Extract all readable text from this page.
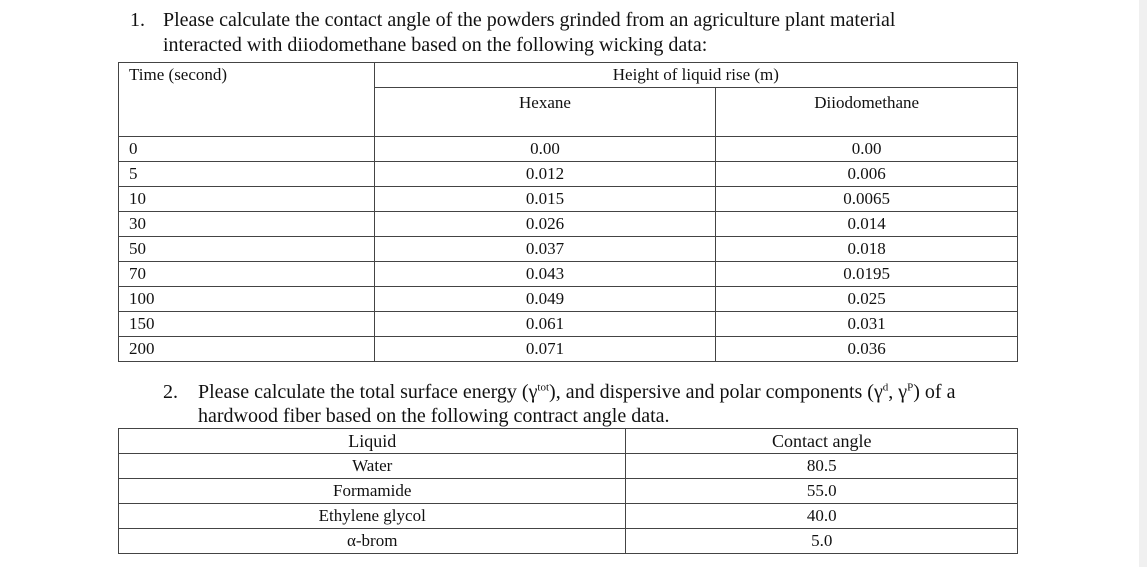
1. Please calculate the contact angle of the powders grinded from an agriculture plant material
interacted with diiodomethane based on the following wicking data:
Time (second)	Height of liquid rise (m)	
	Hexane	Diiodomethane
0	0.00	0.00
5	0.012	0.006
10	0.015	0.0065
30	0.026	0.014
50	0.037	0.018
70	0.043	0.0195
100	0.049	0.025
150	0.061	0.031
200	0.071	0.036
2. Please calculate the total surface energy $(\gamma^{tot})$, and dispersive and polar components ($\gamma^d$, $\gamma^P$) of a
hardwood fiber based on the following contract angle data.
Liquid	Contact angle
Water	80.5
Formamide	55.0
Ethylene glycol	40.0
α-brom	5.0
